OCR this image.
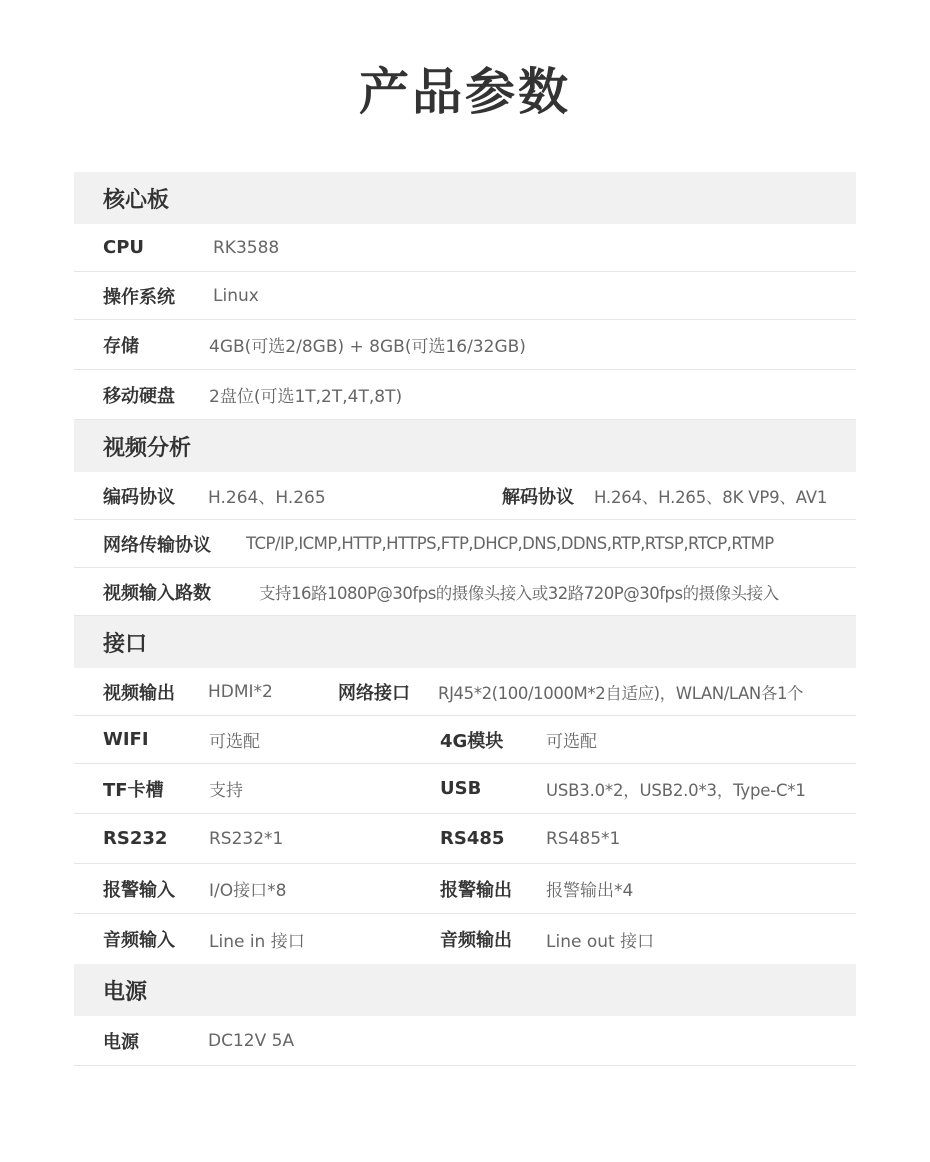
产品参数
核心板
CPU	RK3588
操作系统 Linux
存储	4GB(可选2/8GB) + 8GB(可选16/32GB)
移动硬盘 2盘位(可选1T,2T,4T,8T)
视频分析
编码协议 H.264、H.265	解码协议 H.264、H.265、8K VP9、AV1
网络传输协议 TCP/IP,ICMP,HTTP,HTTPS,FTP,DHCP,DNS,DDNS,RTP,RTSP,RTCP,RTMP
视频输入路数	支持16路1080P@30fps的摄像头接入或32路720P@30fps的摄像头接入
接口
视频输出 HDMI*2	网络接口 RJ45*2(100/1000M*2自适应)，WLAN/LAN各1个
WIFI	可选配	4G模块	可选配
TF卡槽	支持	USB	USB3.0*2，USB2.0*3，Type-C*1
RS232 RS232*1	RS485 RS485*1
报警输入 I/O接口*8	报警输出 报警输出*4
音频输入 Line in 接口	音频输出 Line out 接口
电源
电源	DC12V 5A
